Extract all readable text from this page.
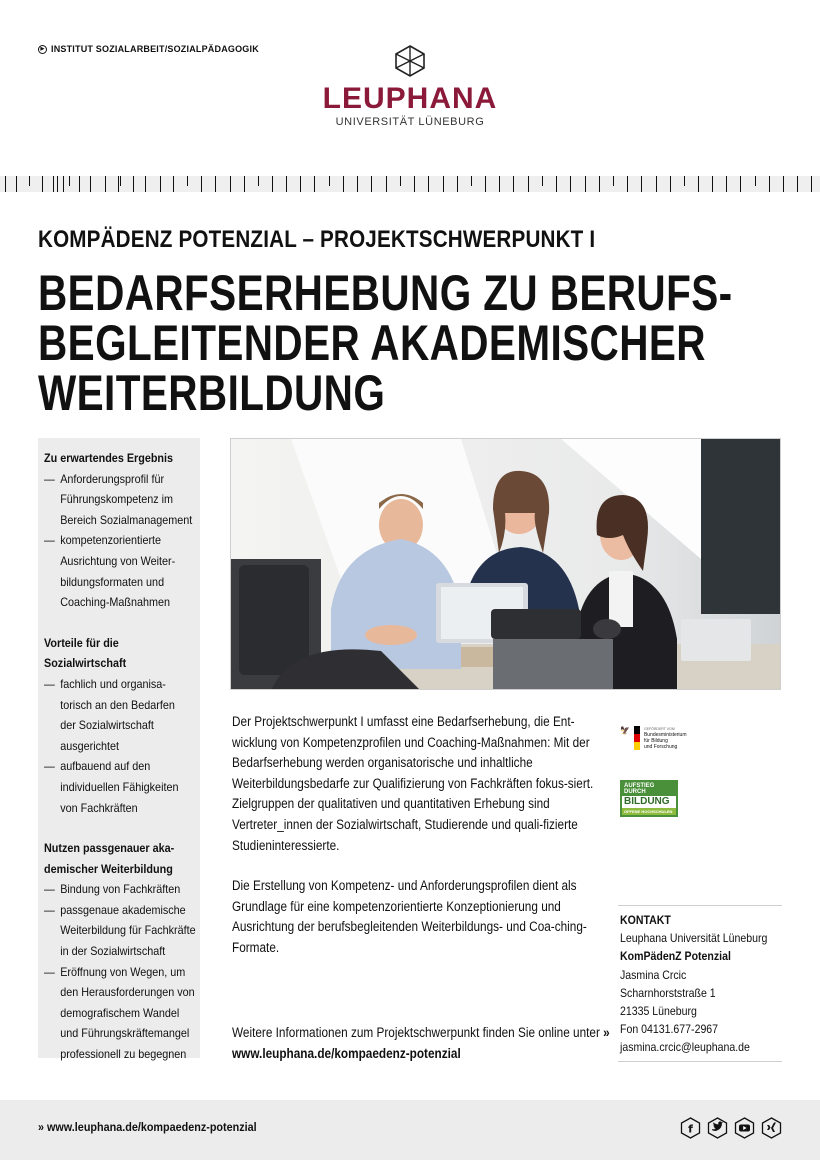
▶ INSTITUT SOZIALARBEIT/SOZIALPÄDAGOGIK
LEUPHANA
UNIVERSITÄT LÜNEBURG
KOMPÄDENZ POTENZIAL – PROJEKTSCHWERPUNKT I
BEDARFSERHEBUNG ZU BERUFS-
BEGLEITENDER AKADEMISCHER
WEITERBILDUNG
Zu erwartendes Ergebnis
— Anforderungsprofil für
Führungskompetenz im
Bereich Sozialmanagement
— kompetenzorientierte
Ausrichtung von Weiter-
bildungsformaten und
Coaching-Maßnahmen
Vorteile für die Sozialwirtschaft
— fachlich und organisa-
torisch an den Bedarfen
der Sozialwirtschaft
ausgerichtet
— aufbauend auf den
individuellen Fähigkeiten
von Fachkräften
Nutzen passgenauer aka-
demischer Weiterbildung
— Bindung von Fachkräften
— passgenaue akademische
Weiterbildung für Fachkräfte
in der Sozialwirtschaft
— Eröffnung von Wegen, um
den Herausforderungen von
demografischem Wandel
und Führungskräftemangel
professionell zu begegnen

Der Projektschwerpunkt I umfasst eine Bedarfserhebung, die Ent-wicklung von Kompetenzprofilen und Coaching-Maßnahmen: Mit der Bedarfserhebung werden organisatorische und inhaltliche Weiterbildungsbedarfe zur Qualifizierung von Fachkräften fokus-siert. Zielgruppen der qualitativen und quantitativen Erhebung sind Vertreter_innen der Sozialwirtschaft, Studierende und quali-fizierte Studieninteressierte.

Die Erstellung von Kompetenz- und Anforderungsprofilen dient als Grundlage für eine kompetenzorientierte Konzeptionierung und Ausrichtung der berufsbegleitenden Weiterbildungs- und Coa-ching-Formate.

Weitere Informationen zum Projektschwerpunkt finden Sie online unter » www.leuphana.de/kompaedenz-potenzial
🦅	GEFÖRDERT VOM
Bundesministerium
für Bildung
und Forschung
AUFSTIEG DURCH
BILDUNG
OFFENE HOCHSCHULEN
KONTAKT
Leuphana Universität Lüneburg
KomPädenZ Potenzial
Jasmina Crcic
Scharnhorststraße 1
21335 Lüneburg
Fon 04131.677-2967
jasmina.crcic@leuphana.de
» www.leuphana.de/kompaedenz-potenzial	f
